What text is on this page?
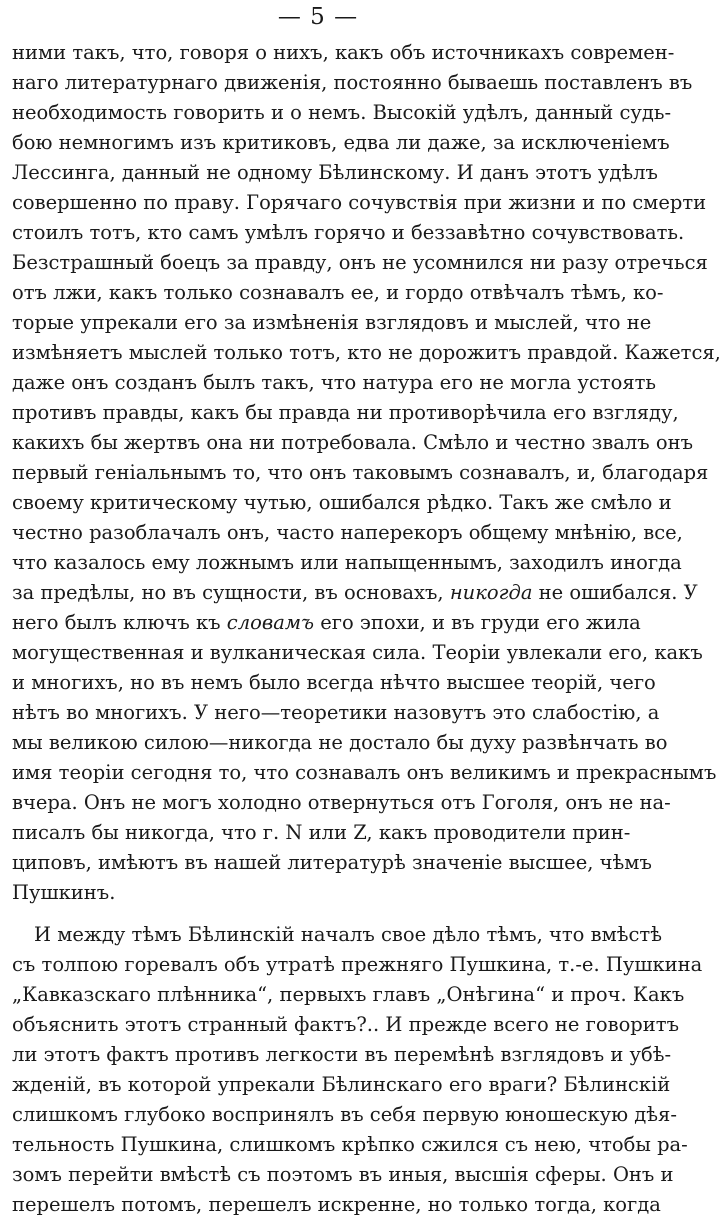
— 5 —
ними такъ, что, говоря о нихъ, какъ объ источникахъ современ-
наго литературнаго движенія, постоянно бываешь поставленъ въ
необходимость говорить и о немъ. Высокій удѣлъ, данный судь-
бою немногимъ изъ критиковъ, едва ли даже, за исключеніемъ
Лессинга, данный не одному Бѣлинскому. И данъ этотъ удѣлъ
совершенно по праву. Горячаго сочувствія при жизни и по смерти
стоилъ тотъ, кто самъ умѣлъ горячо и беззавѣтно сочувствовать.
Безстрашный боецъ за правду, онъ не усомнился ни разу отречься
отъ лжи, какъ только сознавалъ ее, и гордо отвѣчалъ тѣмъ, ко-
торые упрекали его за измѣненія взглядовъ и мыслей, что не
измѣняетъ мыслей только тотъ, кто не дорожитъ правдой. Кажется,
даже онъ созданъ былъ такъ, что натура его не могла устоять
противъ правды, какъ бы правда ни противорѣчила его взгляду,
какихъ бы жертвъ она ни потребовала. Смѣло и честно звалъ онъ
первый геніальнымъ то, что онъ таковымъ сознавалъ, и, благодаря
своему критическому чутью, ошибался рѣдко. Такъ же смѣло и
честно разоблачалъ онъ, часто наперекоръ общему мнѣнію, все,
что казалось ему ложнымъ или напыщеннымъ, заходилъ иногда
за предѣлы, но въ сущности, въ основахъ, никогда не ошибался. У
него былъ ключъ къ словамъ его эпохи, и въ груди его жила
могущественная и вулканическая сила. Теоріи увлекали его, какъ
и многихъ, но въ немъ было всегда нѣчто высшее теорій, чего
нѣтъ во многихъ. У него—теоретики назовутъ это слабостію, а
мы великою силою—никогда не достало бы духу развѣнчать во
имя теоріи сегодня то, что сознавалъ онъ великимъ и прекраснымъ
вчера. Онъ не могъ холодно отвернуться отъ Гоголя, онъ не на-
писалъ бы никогда, что г. N или Z, какъ проводители прин-
циповъ, имѣютъ въ нашей литературѣ значеніе высшее, чѣмъ
Пушкинъ.
И между тѣмъ Бѣлинскій началъ свое дѣло тѣмъ, что вмѣстѣ
съ толпою горевалъ объ утратѣ прежняго Пушкина, т.-е. Пушкина
„Кавказскаго плѣнника“, первыхъ главъ „Онѣгина“ и проч. Какъ
объяснить этотъ странный фактъ?.. И прежде всего не говоритъ
ли этотъ фактъ противъ легкости въ перемѣнѣ взглядовъ и убѣ-
жденій, въ которой упрекали Бѣлинскаго его враги? Бѣлинскій
слишкомъ глубоко воспринялъ въ себя первую юношескую дѣя-
тельность Пушкина, слишкомъ крѣпко сжился съ нею, чтобы ра-
зомъ перейти вмѣстѣ съ поэтомъ въ иныя, высшія сферы. Онъ и
перешелъ потомъ, перешелъ искренне, но только тогда, когда
